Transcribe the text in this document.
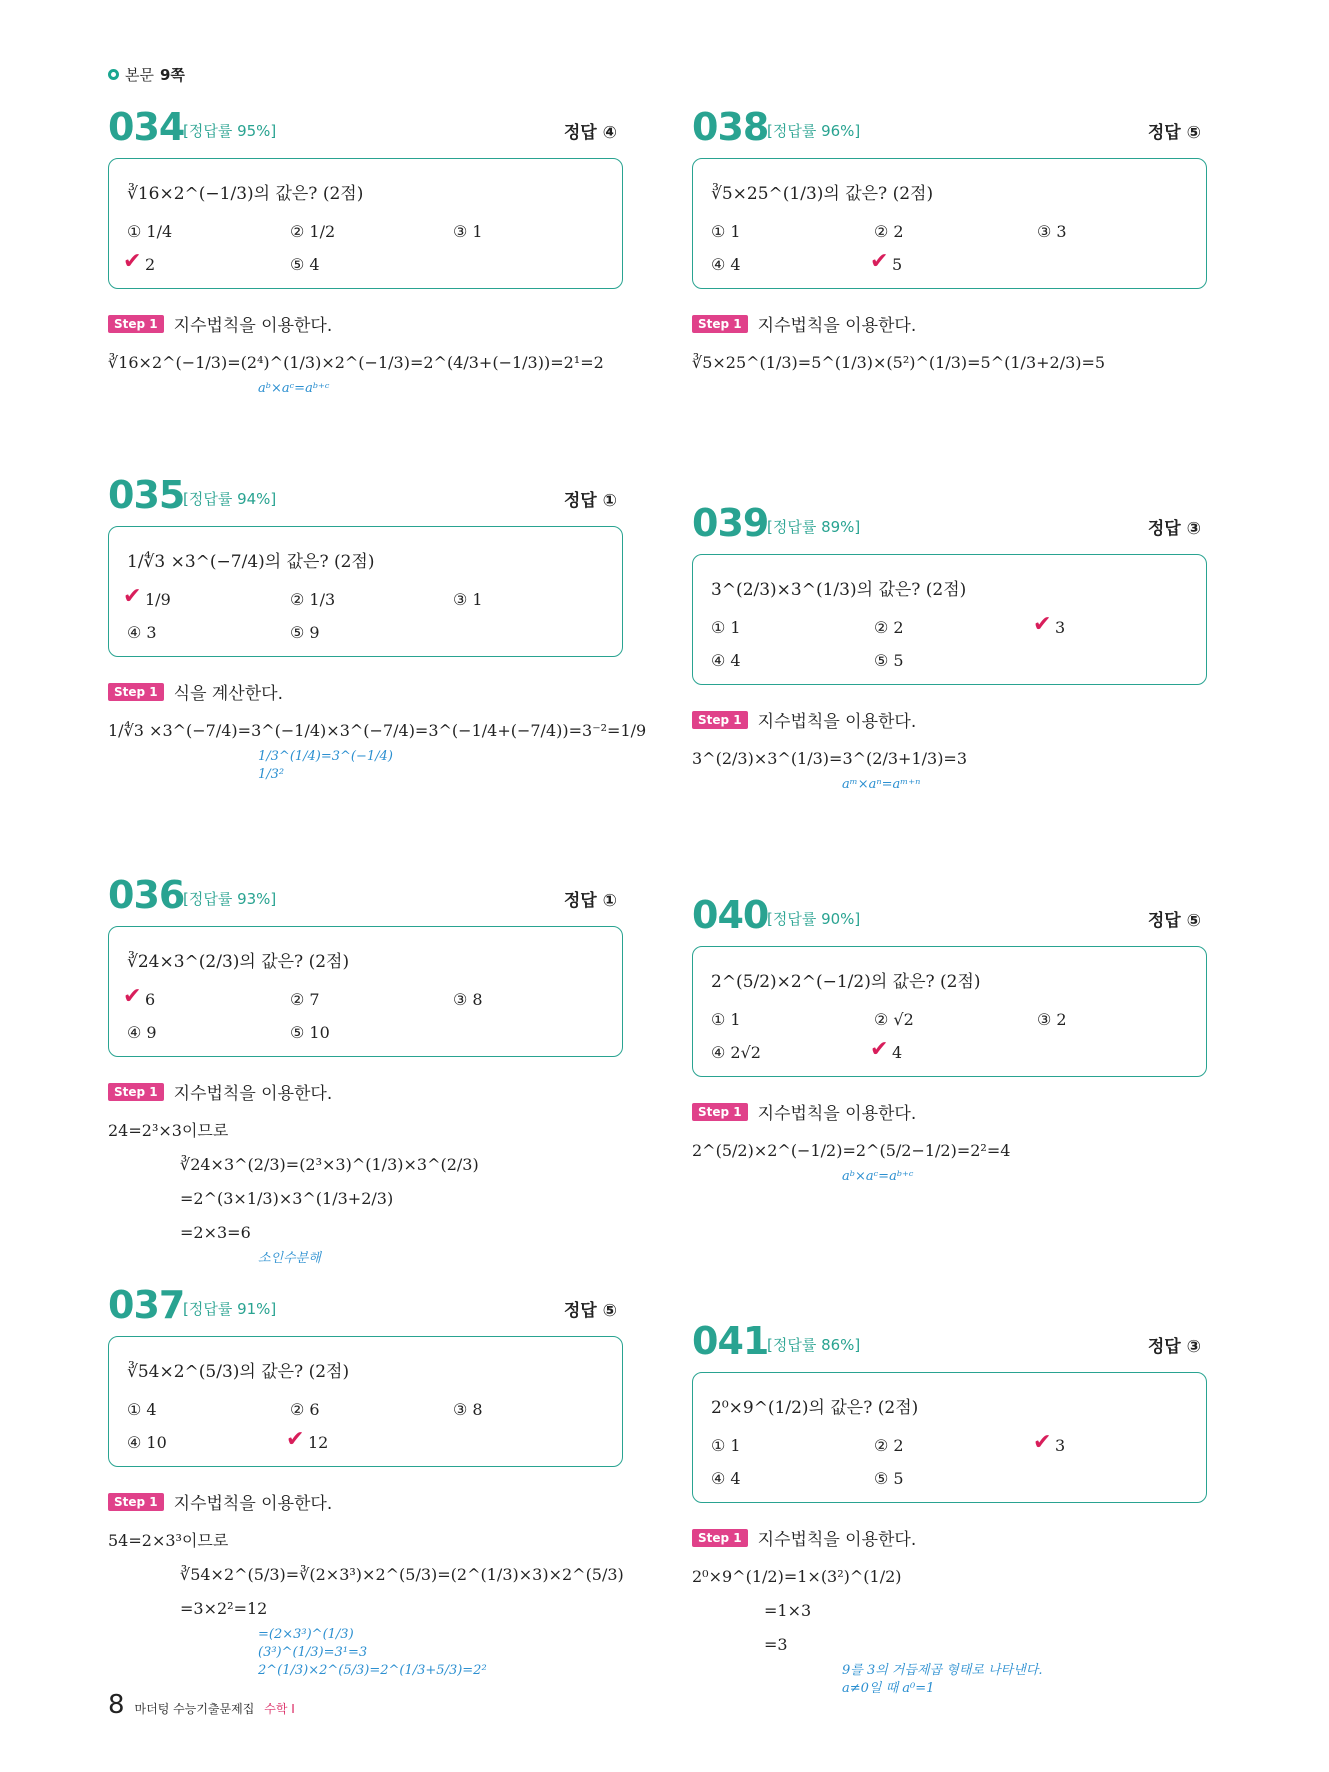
본문 9쪽
034
[정답률 95%]	정답 ④
∛16×2^(−1/3)의 값은? (2점)
① 1/4	② 1/2	③ 1
✔ 2	⑤ 4
Step 1 지수법칙을 이용한다.
∛16×2^(−1/3)=(2⁴)^(1/3)×2^(−1/3)=2^(4/3+(−1/3))=2¹=2
aᵇ×aᶜ=aᵇ⁺ᶜ
035
[정답률 94%]	정답 ①
1/∜3 ×3^(−7/4)의 값은? (2점)
✔ 1/9	② 1/3	③ 1
④ 3	⑤ 9
Step 1 식을 계산한다.
1/∜3 ×3^(−7/4)=3^(−1/4)×3^(−7/4)=3^(−1/4+(−7/4))=3⁻²=1/9
1/3^(1/4)=3^(−1/4)
1/3²
036
[정답률 93%]	정답 ①
∛24×3^(2/3)의 값은? (2점)
✔ 6	② 7	③ 8
④ 9	⑤ 10
Step 1 지수법칙을 이용한다.
24=2³×3이므로
∛24×3^(2/3)=(2³×3)^(1/3)×3^(2/3)
=2^(3×1/3)×3^(1/3+2/3)
=2×3=6
소인수분해
037
[정답률 91%]	정답 ⑤
∛54×2^(5/3)의 값은? (2점)
① 4	② 6	③ 8
④ 10	✔ 12
Step 1 지수법칙을 이용한다.
54=2×3³이므로
∛54×2^(5/3)=∛(2×3³)×2^(5/3)=(2^(1/3)×3)×2^(5/3)
=3×2²=12
=(2×3³)^(1/3)
(3³)^(1/3)=3¹=3
2^(1/3)×2^(5/3)=2^(1/3+5/3)=2²
038
[정답률 96%]	정답 ⑤
∛5×25^(1/3)의 값은? (2점)
① 1	② 2	③ 3
④ 4	✔ 5
Step 1 지수법칙을 이용한다.
∛5×25^(1/3)=5^(1/3)×(5²)^(1/3)=5^(1/3+2/3)=5
039
[정답률 89%]	정답 ③
3^(2/3)×3^(1/3)의 값은? (2점)
① 1	② 2	✔ 3
④ 4	⑤ 5
Step 1 지수법칙을 이용한다.
3^(2/3)×3^(1/3)=3^(2/3+1/3)=3
aᵐ×aⁿ=aᵐ⁺ⁿ
040
[정답률 90%]	정답 ⑤
2^(5/2)×2^(−1/2)의 값은? (2점)
① 1	② √2	③ 2
④ 2√2	✔ 4
Step 1 지수법칙을 이용한다.
2^(5/2)×2^(−1/2)=2^(5/2−1/2)=2²=4
aᵇ×aᶜ=aᵇ⁺ᶜ
041
[정답률 86%]	정답 ③
2⁰×9^(1/2)의 값은? (2점)
① 1	② 2	✔ 3
④ 4	⑤ 5
Step 1 지수법칙을 이용한다.
2⁰×9^(1/2)=1×(3²)^(1/2)
=1×3
=3
9를 3의 거듭제곱 형태로 나타낸다.
a≠0일 때 a⁰=1
8 마더텅 수능기출문제집 수학 Ⅰ
